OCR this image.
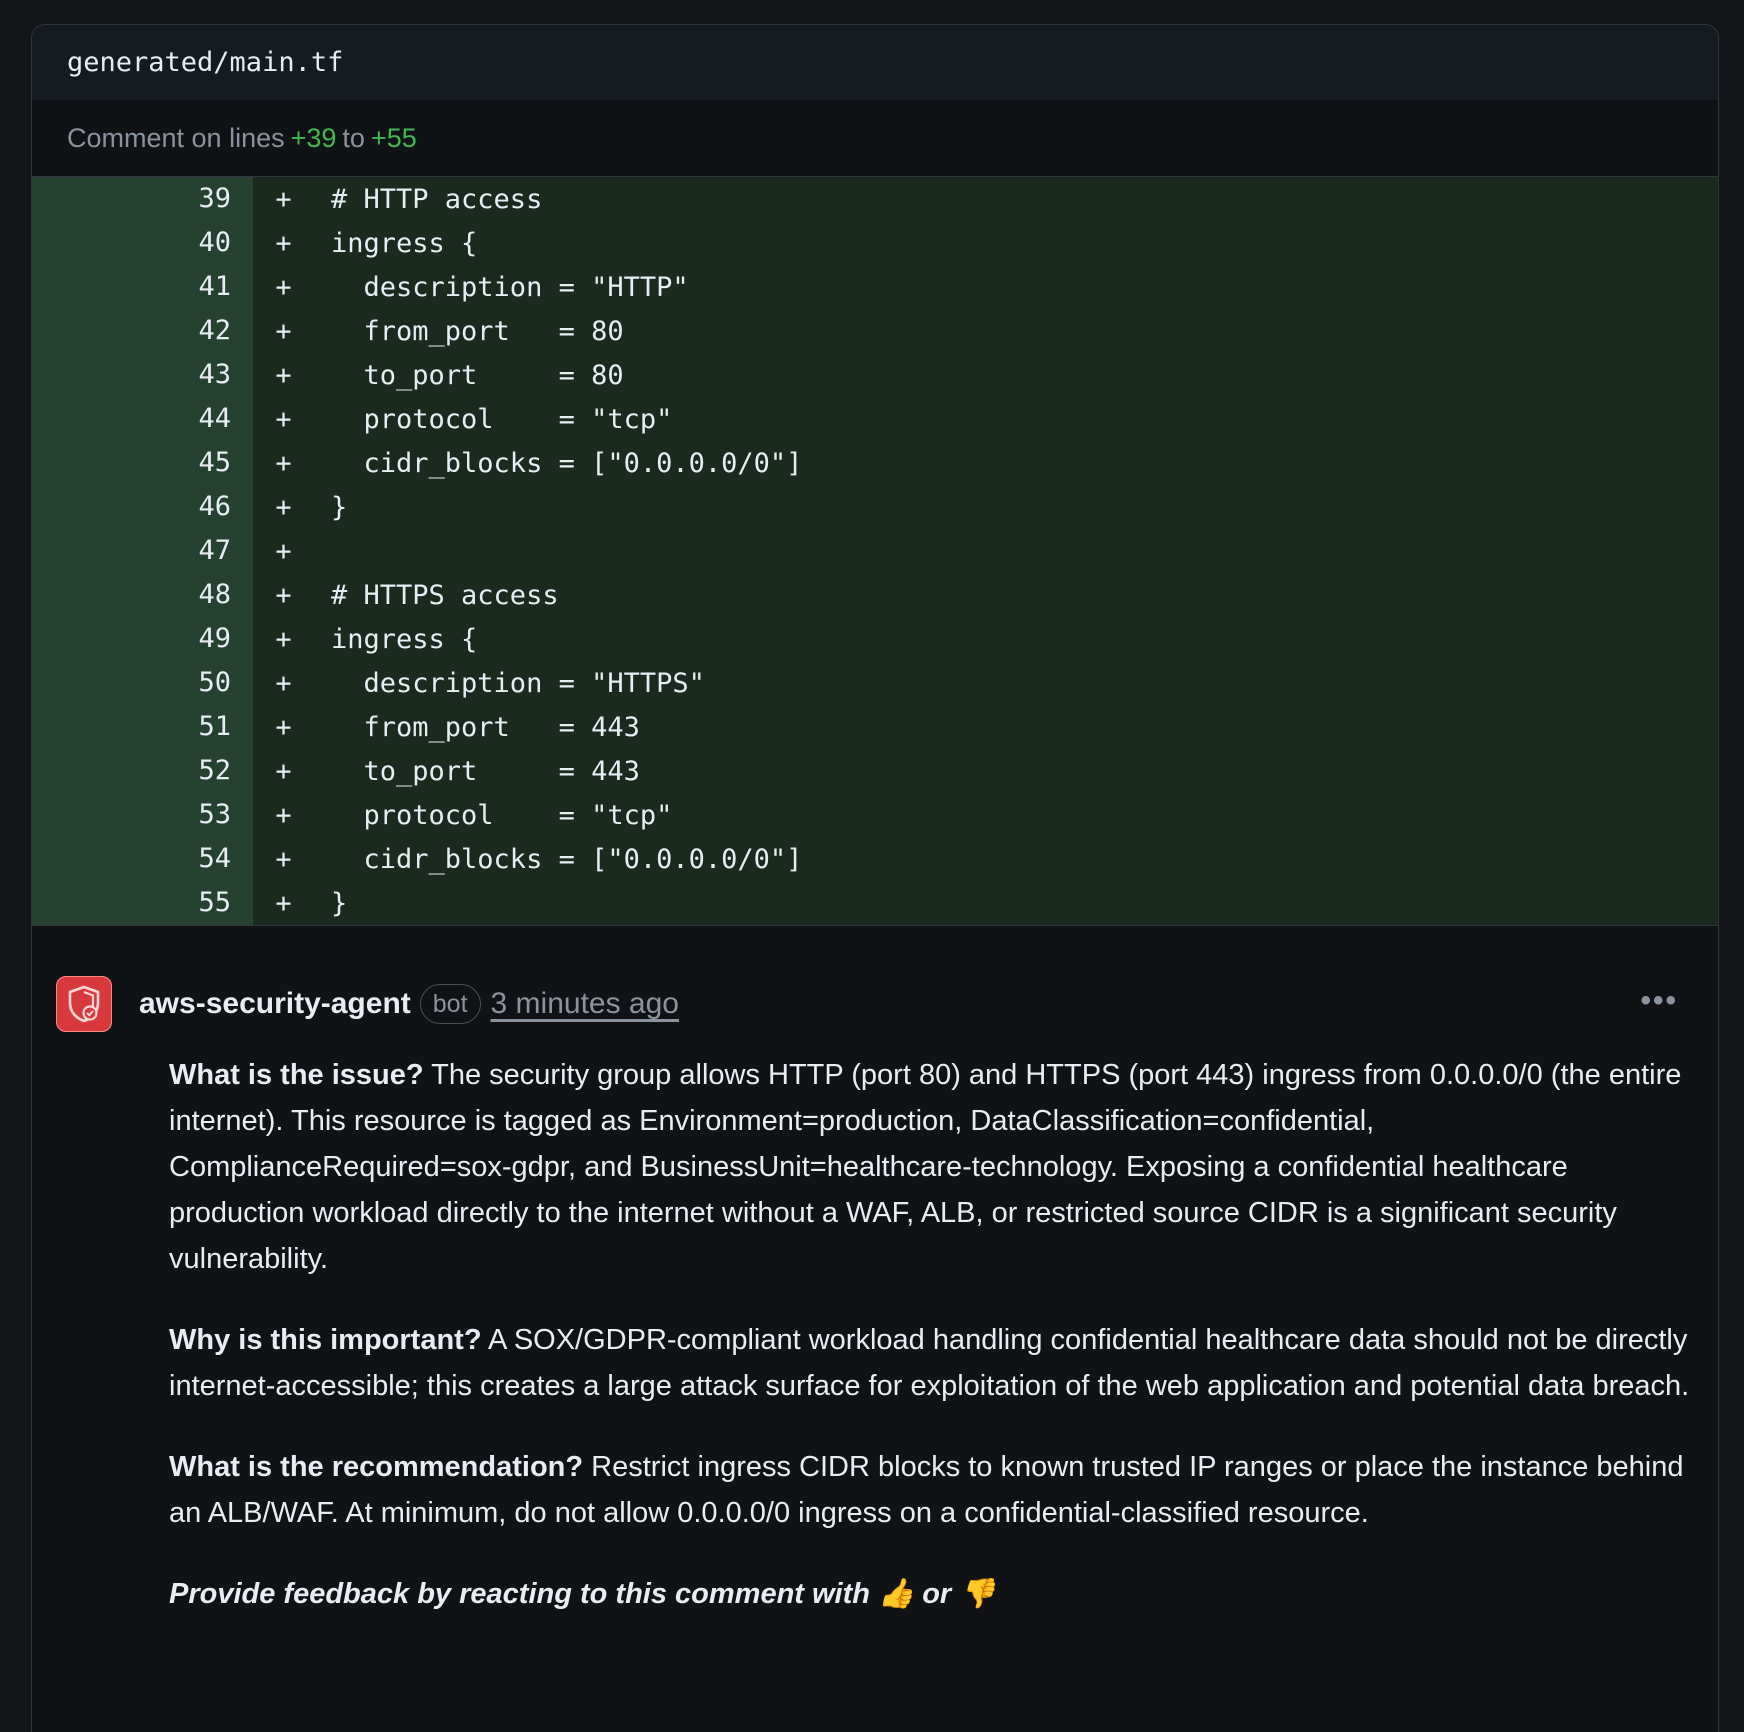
generated/main.tf
Comment on lines +39 to +55
39	+	# HTTP access
40	+	ingress {
41	+	description = "HTTP"
42	+	from_port   = 80
43	+	to_port     = 80
44	+	protocol    = "tcp"
45	+	cidr_blocks = ["0.0.0.0/0"]
46	+	}
47	+
48	+	# HTTPS access
49	+	ingress {
50	+	description = "HTTPS"
51	+	from_port   = 443
52	+	to_port     = 443
53	+	protocol    = "tcp"
54	+	cidr_blocks = ["0.0.0.0/0"]
55	+	}
aws-security-agent bot 3 minutes ago	•••

What is the issue? The security group allows HTTP (port 80) and HTTPS (port 443) ingress from 0.0.0.0/0 (the entire internet). This resource is tagged as Environment=production, DataClassification=confidential, ComplianceRequired=sox-gdpr, and BusinessUnit=healthcare-technology. Exposing a confidential healthcare production workload directly to the internet without a WAF, ALB, or restricted source CIDR is a significant security vulnerability.

Why is this important? A SOX/GDPR-compliant workload handling confidential healthcare data should not be directly internet-accessible; this creates a large attack surface for exploitation of the web application and potential data breach.

What is the recommendation? Restrict ingress CIDR blocks to known trusted IP ranges or place the instance behind an ALB/WAF. At minimum, do not allow 0.0.0.0/0 ingress on a confidential-classified resource.

Provide feedback by reacting to this comment with 👍 or 👎
